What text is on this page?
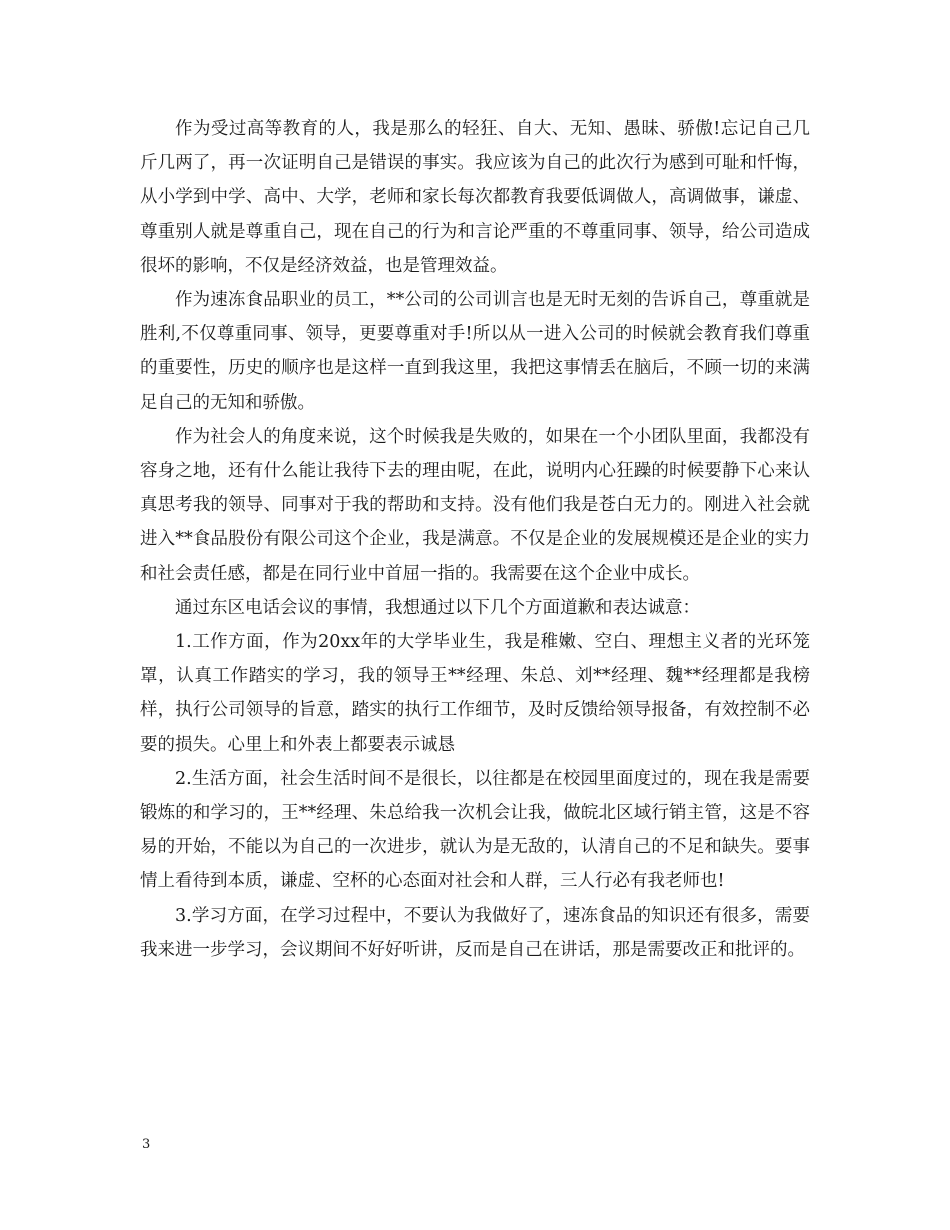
作为受过高等教育的人，我是那么的轻狂、自大、无知、愚昧、骄傲!忘记自己几斤几两了，再一次证明自己是错误的事实。我应该为自己的此次行为感到可耻和忏悔，从小学到中学、高中、大学，老师和家长每次都教育我要低调做人，高调做事，谦虚、尊重别人就是尊重自己，现在自己的行为和言论严重的不尊重同事、领导，给公司造成很坏的影响，不仅是经济效益，也是管理效益。

作为速冻食品职业的员工，**公司的公司训言也是无时无刻的告诉自己，尊重就是胜利,不仅尊重同事、领导，更要尊重对手!所以从一进入公司的时候就会教育我们尊重的重要性，历史的顺序也是这样一直到我这里，我把这事情丢在脑后，不顾一切的来满足自己的无知和骄傲。

作为社会人的角度来说，这个时候我是失败的，如果在一个小团队里面，我都没有容身之地，还有什么能让我待下去的理由呢，在此，说明内心狂躁的时候要静下心来认真思考我的领导、同事对于我的帮助和支持。没有他们我是苍白无力的。刚进入社会就进入**食品股份有限公司这个企业，我是满意。不仅是企业的发展规模还是企业的实力和社会责任感，都是在同行业中首屈一指的。我需要在这个企业中成长。

通过东区电话会议的事情，我想通过以下几个方面道歉和表达诚意：

1.工作方面，作为20xx年的大学毕业生，我是稚嫩、空白、理想主义者的光环笼罩，认真工作踏实的学习，我的领导王**经理、朱总、刘**经理、魏**经理都是我榜样，执行公司领导的旨意，踏实的执行工作细节，及时反馈给领导报备，有效控制不必要的损失。心里上和外表上都要表示诚恳

2.生活方面，社会生活时间不是很长，以往都是在校园里面度过的，现在我是需要锻炼的和学习的，王**经理、朱总给我一次机会让我，做皖北区域行销主管，这是不容易的开始，不能以为自己的一次进步，就认为是无敌的，认清自己的不足和缺失。要事情上看待到本质，谦虚、空杯的心态面对社会和人群，三人行必有我老师也!

3.学习方面，在学习过程中，不要认为我做好了，速冻食品的知识还有很多，需要我来进一步学习，会议期间不好好听讲，反而是自己在讲话，那是需要改正和批评的。

3
